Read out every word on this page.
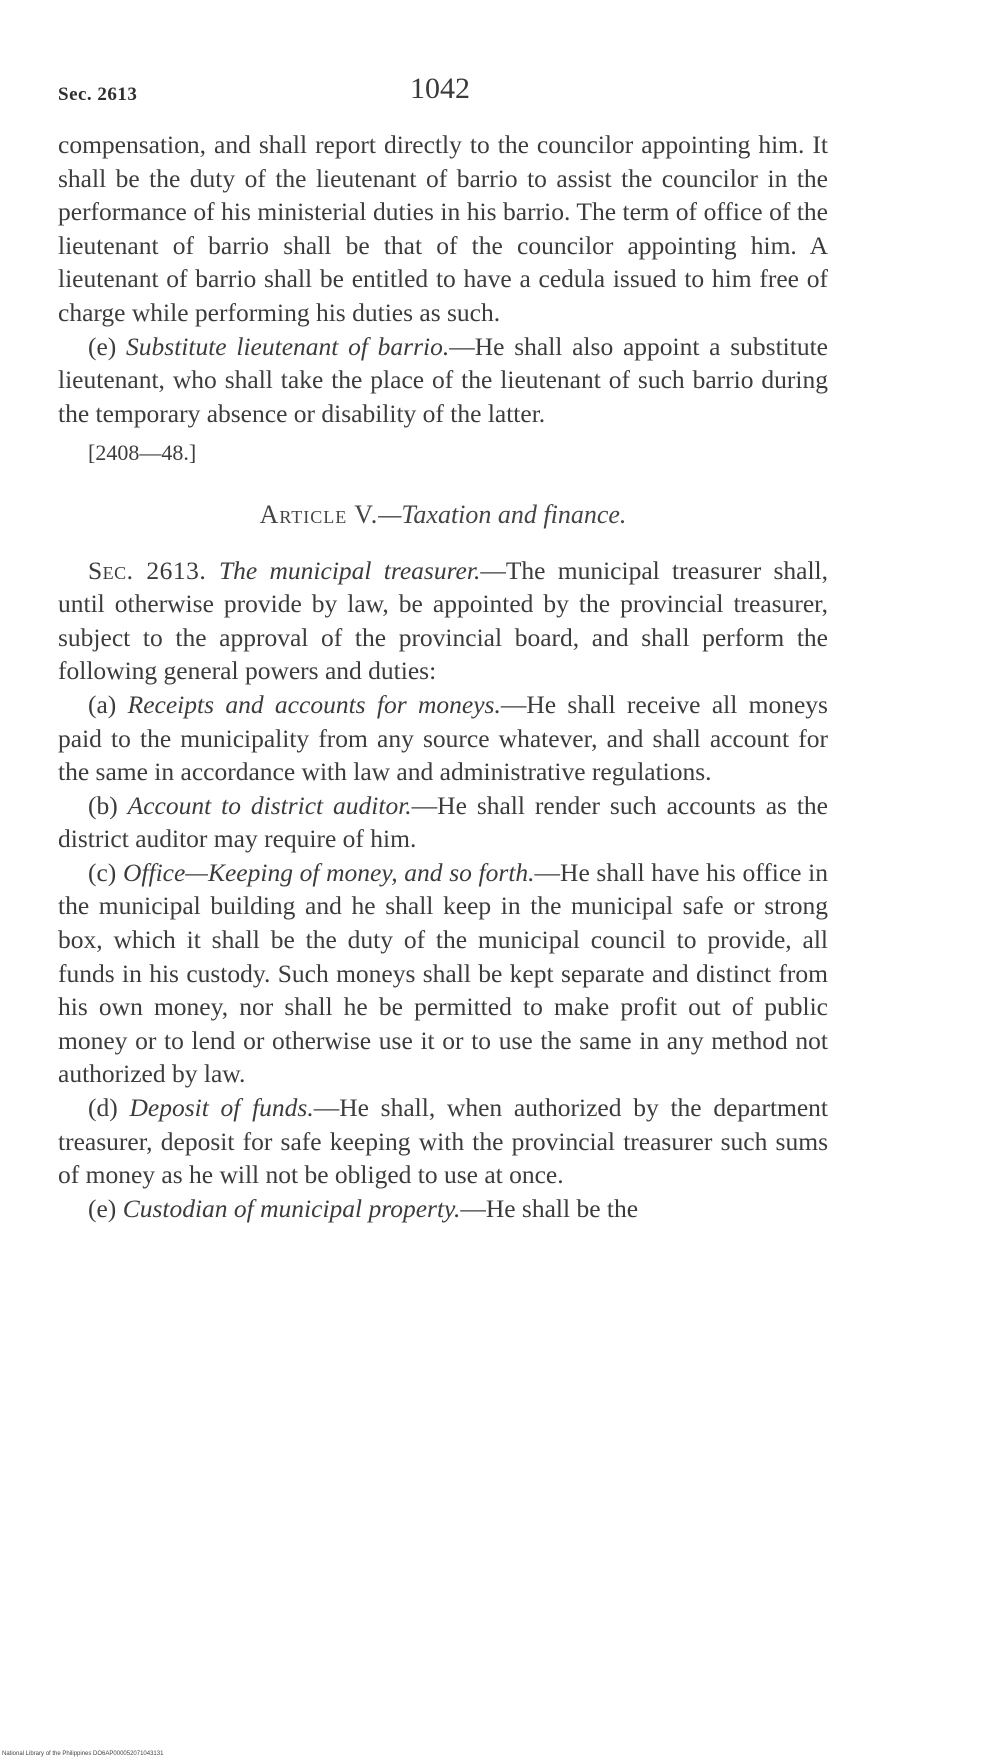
Sec. 2613	1042

compensation, and shall report directly to the councilor appointing him. It shall be the duty of the lieutenant of barrio to assist the councilor in the performance of his ministerial duties in his barrio. The term of office of the lieutenant of barrio shall be that of the councilor appointing him. A lieutenant of barrio shall be entitled to have a cedula issued to him free of charge while performing his duties as such.

(e) Substitute lieutenant of barrio.—He shall also appoint a substitute lieutenant, who shall take the place of the lieutenant of such barrio during the temporary absence or disability of the latter.

[2408—48.]

Article V.—Taxation and finance.

Sec. 2613. The municipal treasurer.—The municipal treasurer shall, until otherwise provide by law, be appointed by the provincial treasurer, subject to the approval of the provincial board, and shall perform the following general powers and duties:

(a) Receipts and accounts for moneys.—He shall receive all moneys paid to the municipality from any source whatever, and shall account for the same in accordance with law and administrative regulations.

(b) Account to district auditor.—He shall render such accounts as the district auditor may require of him.

(c) Office—Keeping of money, and so forth.—He shall have his office in the municipal building and he shall keep in the municipal safe or strong box, which it shall be the duty of the municipal council to provide, all funds in his custody. Such moneys shall be kept separate and distinct from his own money, nor shall he be permitted to make profit out of public money or to lend or otherwise use it or to use the same in any method not authorized by law.

(d) Deposit of funds.—He shall, when authorized by the department treasurer, deposit for safe keeping with the provincial treasurer such sums of money as he will not be obliged to use at once.

(e) Custodian of municipal property.—He shall be the

National Library of the Philippines DO6AP000052071043131
